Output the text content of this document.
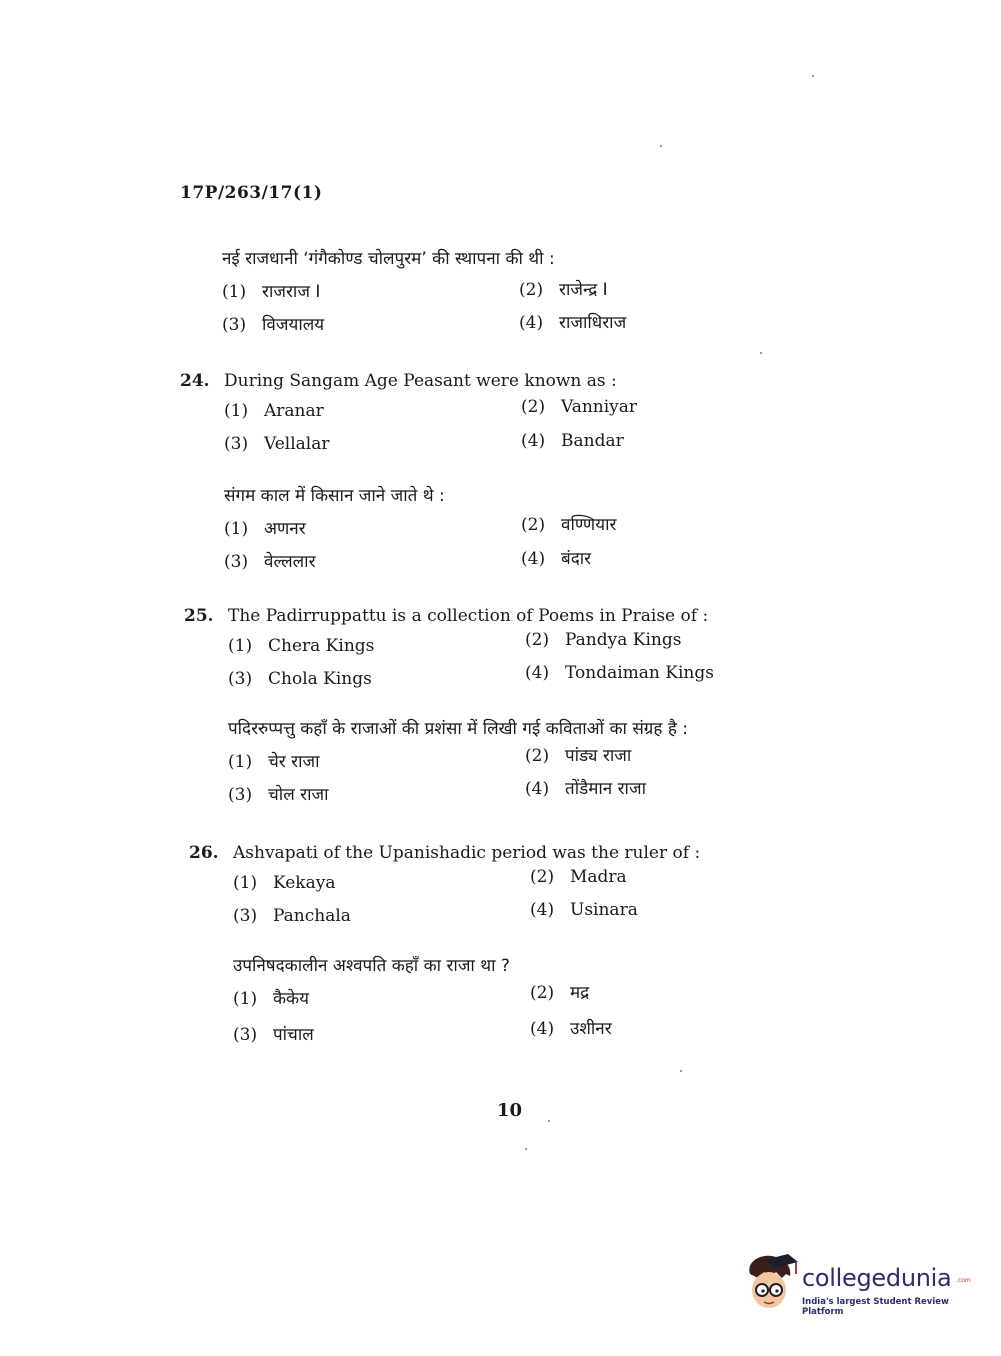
17P/263/17(1)
नई राजधानी ‘गंगैकोण्ड चोलपुरम’ की स्थापना की थी :
(1) राजराज I	(2) राजेन्द्र I
(3) विजयालय	(4) राजाधिराज
24. During Sangam Age Peasant were known as :
(1) Aranar	(2) Vanniyar
(3) Vellalar	(4) Bandar
संगम काल में किसान जाने जाते थे :
(1) अणनर	(2) वण्णियार
(3) वेल्ललार	(4) बंदार
25. The Padirruppattu is a collection of Poems in Praise of :
(1) Chera Kings	(2) Pandya Kings
(3) Chola Kings	(4) Tondaiman Kings
पदिररुप्पत्तु कहाँ के राजाओं की प्रशंसा में लिखी गई कविताओं का संग्रह है :
(1) चेर राजा	(2) पांड्य राजा
(3) चोल राजा	(4) तोंडैमान राजा
26. Ashvapati of the Upanishadic period was the ruler of :
(1) Kekaya	(2) Madra
(3) Panchala	(4) Usinara
उपनिषदकालीन अश्वपति कहाँ का राजा था ?
(1) कैकेय	(2) मद्र
(3) पांचाल	(4) उशीनर
10
collegedunia .com
India's largest Student Review Platform
